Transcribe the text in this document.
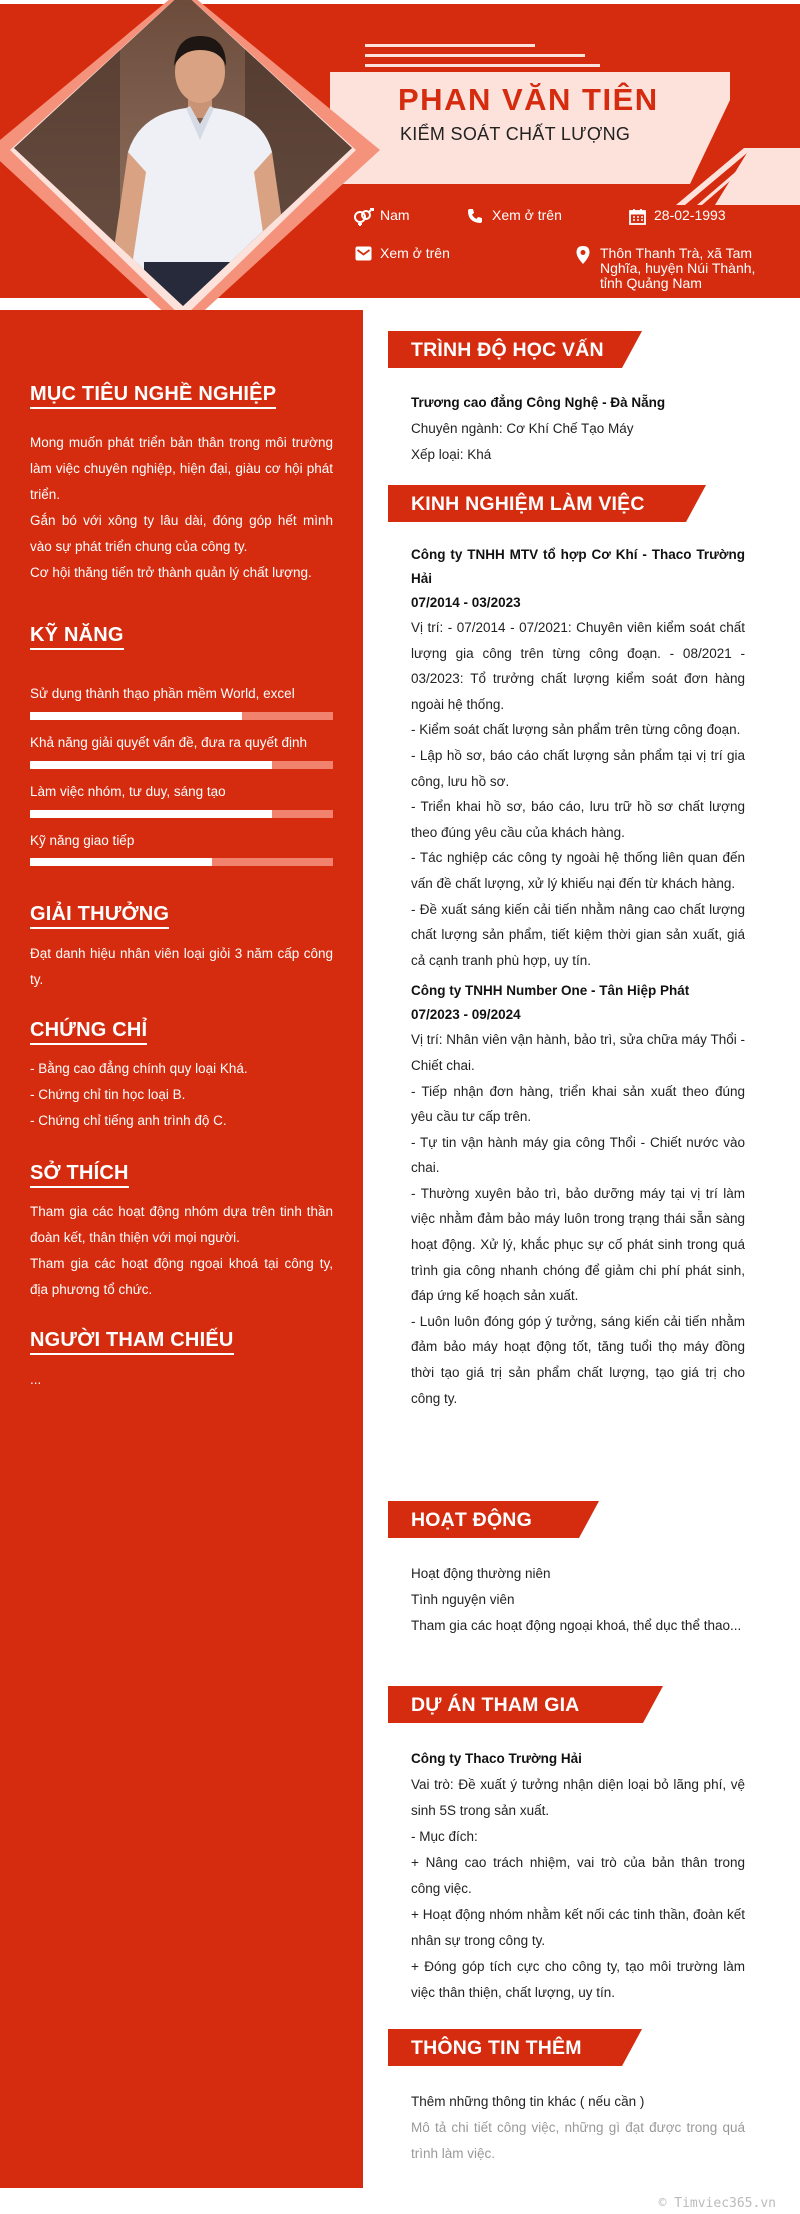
PHAN VĂN TIÊN
KIỂM SOÁT CHẤT LƯỢNG
Nam	Xem ở trên	28-02-1993
Xem ở trên	Thôn Thanh Trà, xã Tam Nghĩa, huyện Núi Thành, tỉnh Quảng Nam
MỤC TIÊU NGHỀ NGHIỆP

Mong muốn phát triển bản thân trong môi trường làm việc chuyên nghiệp, hiện đại, giàu cơ hội phát triển.

Gắn bó với xông ty lâu dài, đóng góp hết mình vào sự phát triển chung của công ty.

Cơ hội thăng tiến trở thành quản lý chất lượng.

KỸ NĂNG
Sử dụng thành thạo phần mềm World, excel
Khả năng giải quyết vấn đề, đưa ra quyết định
Làm việc nhóm, tư duy, sáng tạo
Kỹ năng giao tiếp
GIẢI THƯỞNG
Đạt danh hiệu nhân viên loại giỏi 3 năm cấp công ty.
CHỨNG CHỈ

- Bằng cao đẳng chính quy loại Khá.

- Chứng chỉ tin học loại B.

- Chứng chỉ tiếng anh trình độ C.

SỞ THÍCH

Tham gia các hoạt động nhóm dựa trên tinh thần đoàn kết, thân thiện với mọi người.

Tham gia các hoạt động ngoại khoá tại công ty, địa phương tổ chức.

NGƯỜI THAM CHIẾU
...
TRÌNH ĐỘ HỌC VẤN

Trương cao đẳng Công Nghệ - Đà Nẵng

Chuyên ngành: Cơ Khí Chế Tạo Máy

Xếp loại: Khá

KINH NGHIỆM LÀM VIỆC

Công ty TNHH MTV tổ hợp Cơ Khí - Thaco Trường Hải

07/2014 - 03/2023

Vị trí: - 07/2014 - 07/2021: Chuyên viên kiểm soát chất lượng gia công trên từng công đoạn. - 08/2021 - 03/2023: Tổ trưởng chất lượng kiểm soát đơn hàng ngoài hệ thống.

- Kiểm soát chất lượng sản phẩm trên từng công đoạn.

- Lập hồ sơ, báo cáo chất lượng sản phẩm tại vị trí gia công, lưu hồ sơ.

- Triển khai hồ sơ, báo cáo, lưu trữ hồ sơ chất lượng theo đúng yêu cầu của khách hàng.

- Tác nghiệp các công ty ngoài hệ thống liên quan đến vấn đề chất lượng, xử lý khiếu nại đến từ khách hàng.

- Đề xuất sáng kiến cải tiến nhằm nâng cao chất lượng chất lượng sản phẩm, tiết kiệm thời gian sản xuất, giá cả cạnh tranh phù hợp, uy tín.

Công ty TNHH Number One - Tân Hiệp Phát

07/2023 - 09/2024

Vị trí: Nhân viên vận hành, bảo trì, sửa chữa máy Thổi - Chiết chai.

- Tiếp nhận đơn hàng, triển khai sản xuất theo đúng yêu cầu tư cấp trên.

- Tự tin vận hành máy gia công Thổi - Chiết nước vào chai.

- Thường xuyên bảo trì, bảo dưỡng máy tại vị trí làm việc nhằm đảm bảo máy luôn trong trạng thái sẵn sàng hoạt động. Xử lý, khắc phục sự cố phát sinh trong quá trình gia công nhanh chóng để giảm chi phí phát sinh, đáp ứng kế hoạch sản xuất.

- Luôn luôn đóng góp ý tưởng, sáng kiến cải tiến nhằm đảm bảo máy hoạt động tốt, tăng tuổi thọ máy đồng thời tạo giá trị sản phẩm chất lượng, tạo giá trị cho công ty.

HOẠT ĐỘNG

Hoạt động thường niên

Tình nguyện viên

Tham gia các hoạt động ngoại khoá, thể dục thể thao...

DỰ ÁN THAM GIA

Công ty Thaco Trường Hải

Vai trò: Đề xuất ý tưởng nhận diện loại bỏ lãng phí, vệ sinh 5S trong sản xuất.

- Mục đích:

+ Nâng cao trách nhiệm, vai trò của bản thân trong công việc.

+ Hoạt động nhóm nhằm kết nối các tinh thần, đoàn kết nhân sự trong công ty.

+ Đóng góp tích cực cho công ty, tạo môi trường làm việc thân thiện, chất lượng, uy tín.

THÔNG TIN THÊM

Thêm những thông tin khác ( nếu cần )

Mô tả chi tiết công việc, những gì đạt được trong quá trình làm việc.

© Timviec365.vn
